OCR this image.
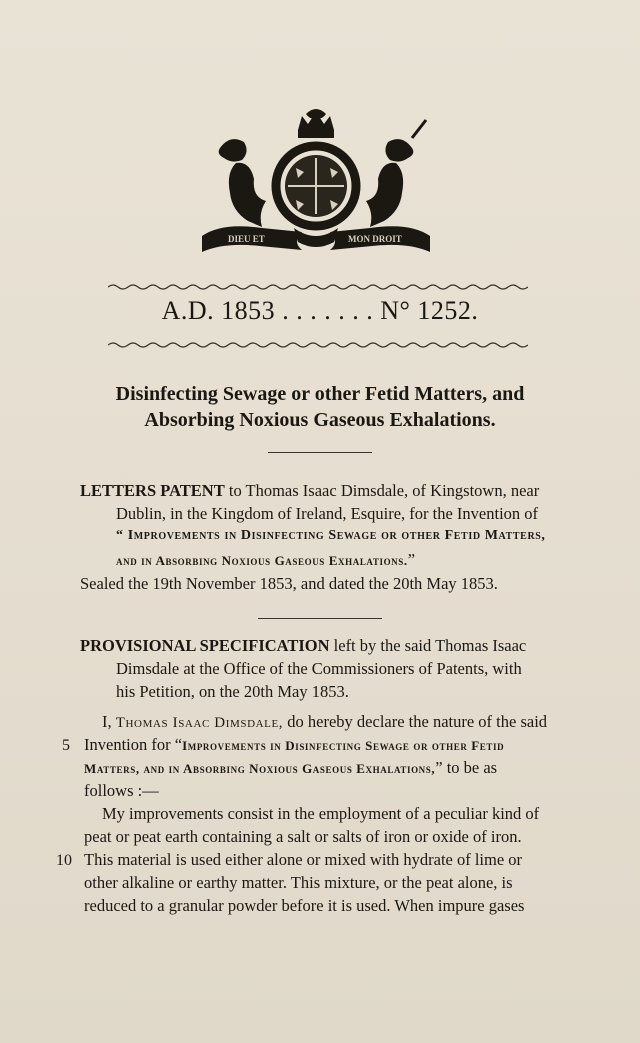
DIEU ET	MON DROIT
A.D. 1853 . . . . . . . N° 1252.
Disinfecting Sewage or other Fetid Matters, and
Absorbing Noxious Gaseous Exhalations.
LETTERS PATENT to Thomas Isaac Dimsdale, of Kingstown, near
Dublin, in the Kingdom of Ireland, Esquire, for the Invention of
“ Improvements in Disinfecting Sewage or other Fetid Matters,
and in Absorbing Noxious Gaseous Exhalations.”
Sealed the 19th November 1853, and dated the 20th May 1853.
PROVISIONAL SPECIFICATION left by the said Thomas Isaac
Dimsdale at the Office of the Commissioners of Patents, with
his Petition, on the 20th May 1853.
I, Thomas Isaac Dimsdale, do hereby declare the nature of the said
5 Invention for “Improvements in Disinfecting Sewage or other Fetid
Matters, and in Absorbing Noxious Gaseous Exhalations,” to be as
follows :—
My improvements consist in the employment of a peculiar kind of
peat or peat earth containing a salt or salts of iron or oxide of iron.
10 This material is used either alone or mixed with hydrate of lime or
other alkaline or earthy matter. This mixture, or the peat alone, is
reduced to a granular powder before it is used. When impure gases
